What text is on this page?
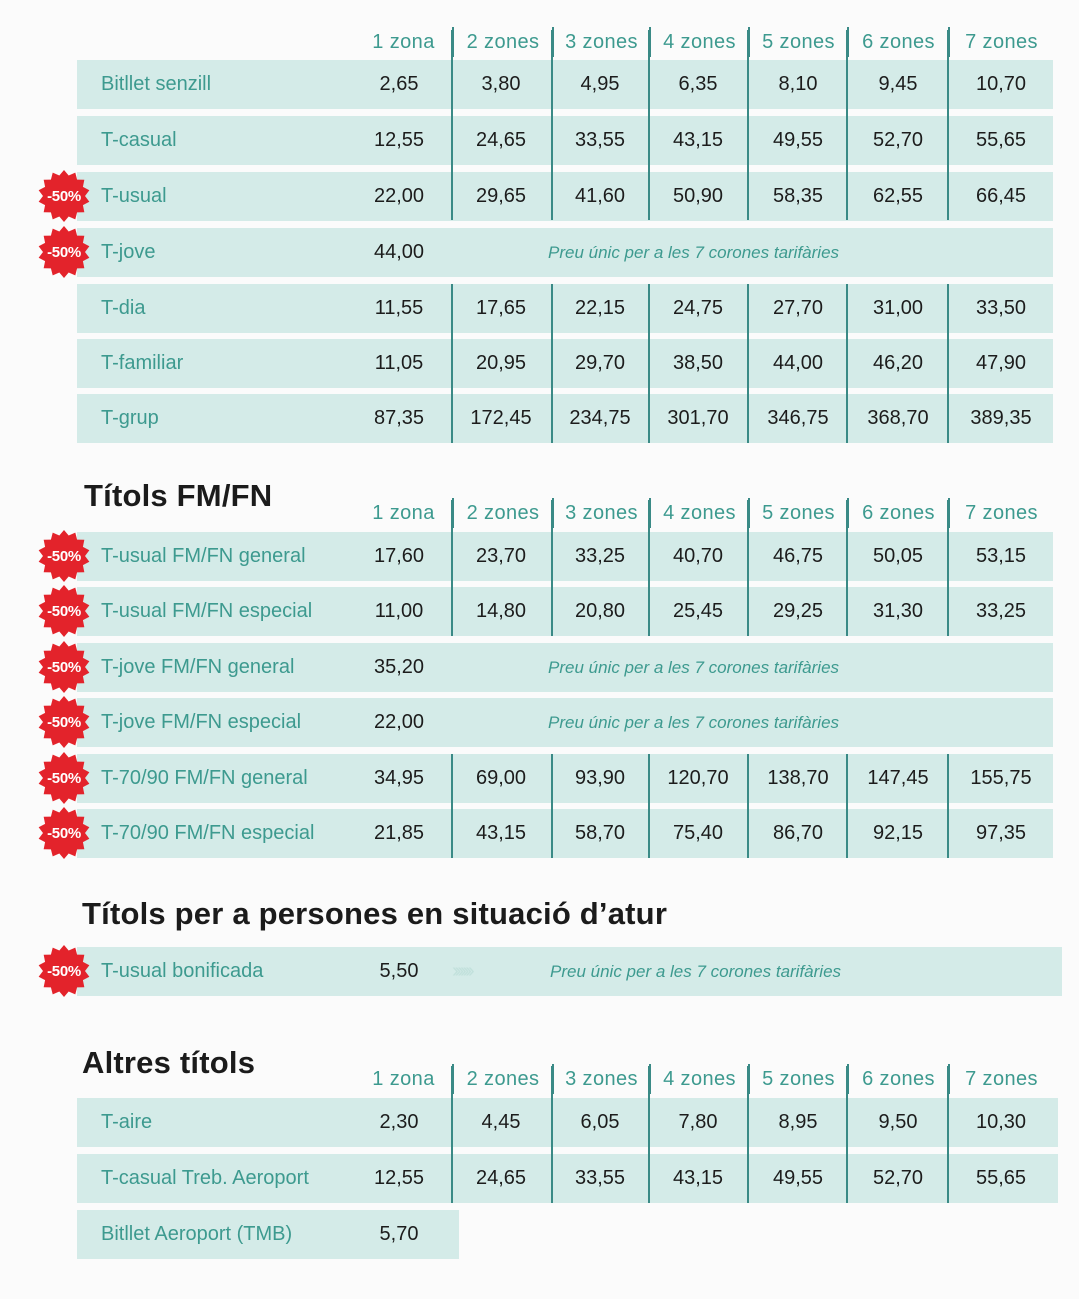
Títols FM/FN
Títols per a persones en situació d’atur
Altres títols
1 zona	2 zones	3 zones	4 zones	5 zones	6 zones	7 zones
Bitllet senzill	2,65	3,80	4,95	6,35	8,10	9,45	10,70
T-casual	12,55	24,65	33,55	43,15	49,55	52,70	55,65
T-usual	22,00	29,65	41,60	50,90	58,35	62,55	66,45
-50%
T-jove	44,00	Preu únic per a les 7 corones tarifàries
-50%
T-dia	11,55	17,65	22,15	24,75	27,70	31,00	33,50
T-familiar	11,05	20,95	29,70	38,50	44,00	46,20	47,90
T-grup	87,35	172,45	234,75	301,70	346,75	368,70	389,35
1 zona	2 zones	3 zones	4 zones	5 zones	6 zones	7 zones
T-usual FM/FN general	17,60	23,70	33,25	40,70	46,75	50,05	53,15
-50%
T-usual FM/FN especial	11,00	14,80	20,80	25,45	29,25	31,30	33,25
-50%
T-jove FM/FN general	35,20	Preu únic per a les 7 corones tarifàries
-50%
T-jove FM/FN especial	22,00	Preu únic per a les 7 corones tarifàries
-50%
T-70/90 FM/FN general	34,95	69,00	93,90	120,70	138,70	147,45	155,75
-50%
T-70/90 FM/FN especial	21,85	43,15	58,70	75,40	86,70	92,15	97,35
-50%
T-usual bonificada	5,50	›››››››	Preu únic per a les 7 corones tarifàries
-50%
1 zona	2 zones	3 zones	4 zones	5 zones	6 zones	7 zones
T-aire	2,30	4,45	6,05	7,80	8,95	9,50	10,30
T-casual Treb. Aeroport	12,55	24,65	33,55	43,15	49,55	52,70	55,65
Bitllet Aeroport (TMB)	5,70
